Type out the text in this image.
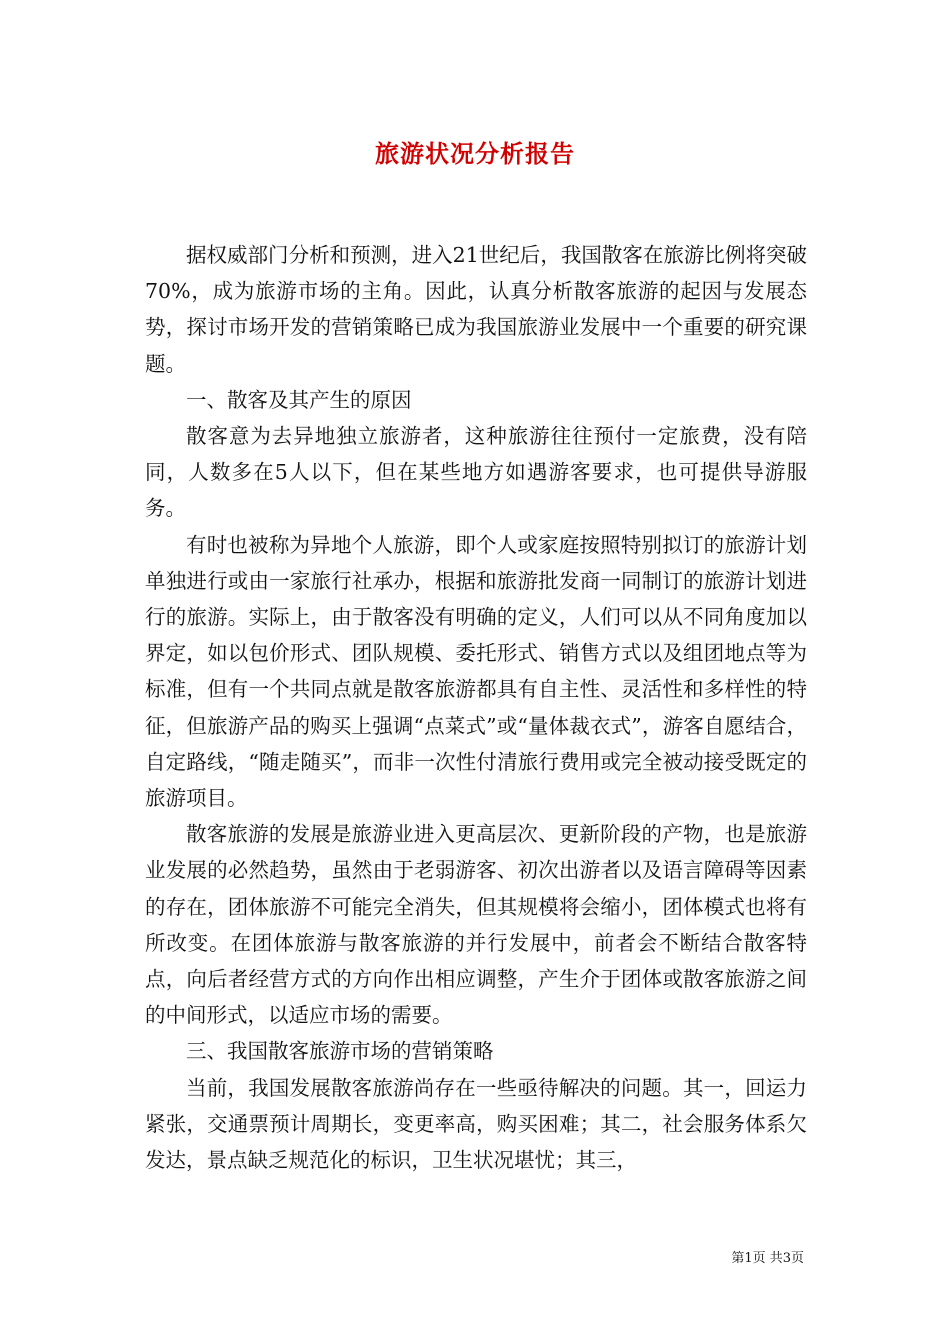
旅游状况分析报告

据权威部门分析和预测，进入21世纪后，我国散客在旅游比例将突破70%，成为旅游市场的主角。因此，认真分析散客旅游的起因与发展态势，探讨市场开发的营销策略已成为我国旅游业发展中一个重要的研究课题。

一、散客及其产生的原因

散客意为去异地独立旅游者，这种旅游往往预付一定旅费，没有陪同，人数多在5人以下，但在某些地方如遇游客要求，也可提供导游服务。

有时也被称为异地个人旅游，即个人或家庭按照特别拟订的旅游计划单独进行或由一家旅行社承办，根据和旅游批发商一同制订的旅游计划进行的旅游。实际上，由于散客没有明确的定义，人们可以从不同角度加以界定，如以包价形式、团队规模、委托形式、销售方式以及组团地点等为标准，但有一个共同点就是散客旅游都具有自主性、灵活性和多样性的特征，但旅游产品的购买上强调“点菜式”或“量体裁衣式”，游客自愿结合，自定路线，“随走随买”，而非一次性付清旅行费用或完全被动接受既定的旅游项目。

散客旅游的发展是旅游业进入更高层次、更新阶段的产物，也是旅游业发展的必然趋势，虽然由于老弱游客、初次出游者以及语言障碍等因素的存在，团体旅游不可能完全消失，但其规模将会缩小，团体模式也将有所改变。在团体旅游与散客旅游的并行发展中，前者会不断结合散客特点，向后者经营方式的方向作出相应调整，产生介于团体或散客旅游之间的中间形式，以适应市场的需要。

三、我国散客旅游市场的营销策略

当前，我国发展散客旅游尚存在一些亟待解决的问题。其一，回运力紧张，交通票预计周期长，变更率高，购买困难；其二，社会服务体系欠发达，景点缺乏规范化的标识，卫生状况堪忧；其三，

第1页 共3页
